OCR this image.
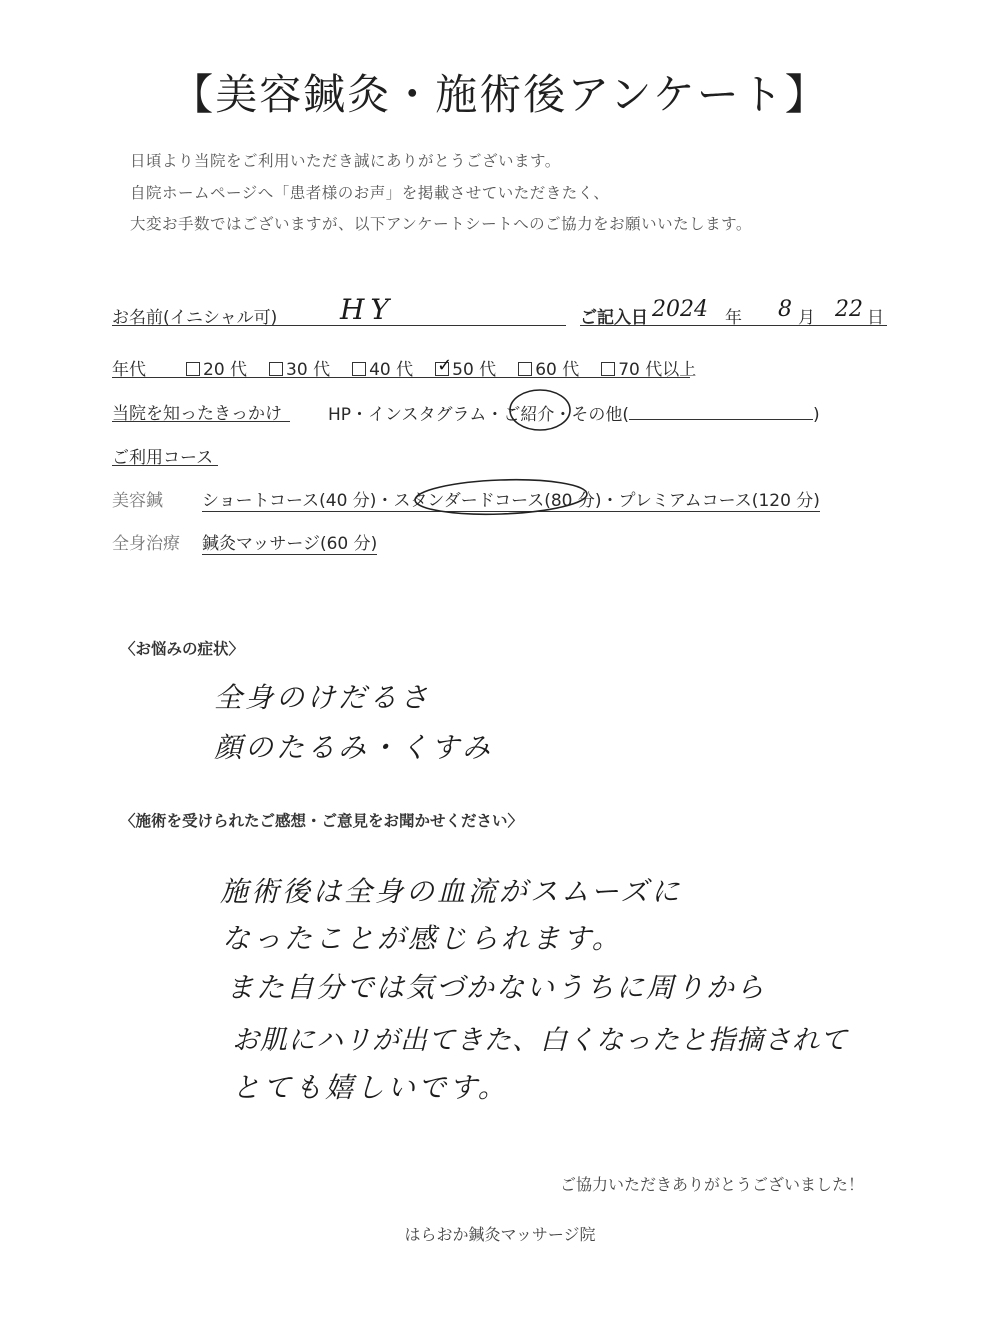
【美容鍼灸・施術後アンケート】
日頃より当院をご利用いただき誠にありがとうございます。
自院ホームページへ「患者様のお声」を掲載させていただきたく、
大変お手数ではございますが、以下アンケートシートへのご協力をお願いいたします。
お名前(イニシャル可) HY	ご記入日 2024 年 8 月 22 日
年代	20 代 30 代 40 代 ✓ 50 代 60 代 70 代以上
当院を知ったきっかけ	HP・インスタグラム・ご紹介・その他(	)
ご利用コース
美容鍼 ショートコース(40 分)・スタンダードコース(80 分)・プレミアムコース(120 分)
全身治療 鍼灸マッサージ(60 分)
〈お悩みの症状〉
全身のけだるさ
顔のたるみ・くすみ
〈施術を受けられたご感想・ご意見をお聞かせください〉
施術後は全身の血流がスムーズに
なったことが感じられます。
また自分では気づかないうちに周りから
お肌にハリが出てきた、白くなったと指摘されて
とても嬉しいです。
ご協力いただきありがとうございました！
はらおか鍼灸マッサージ院
